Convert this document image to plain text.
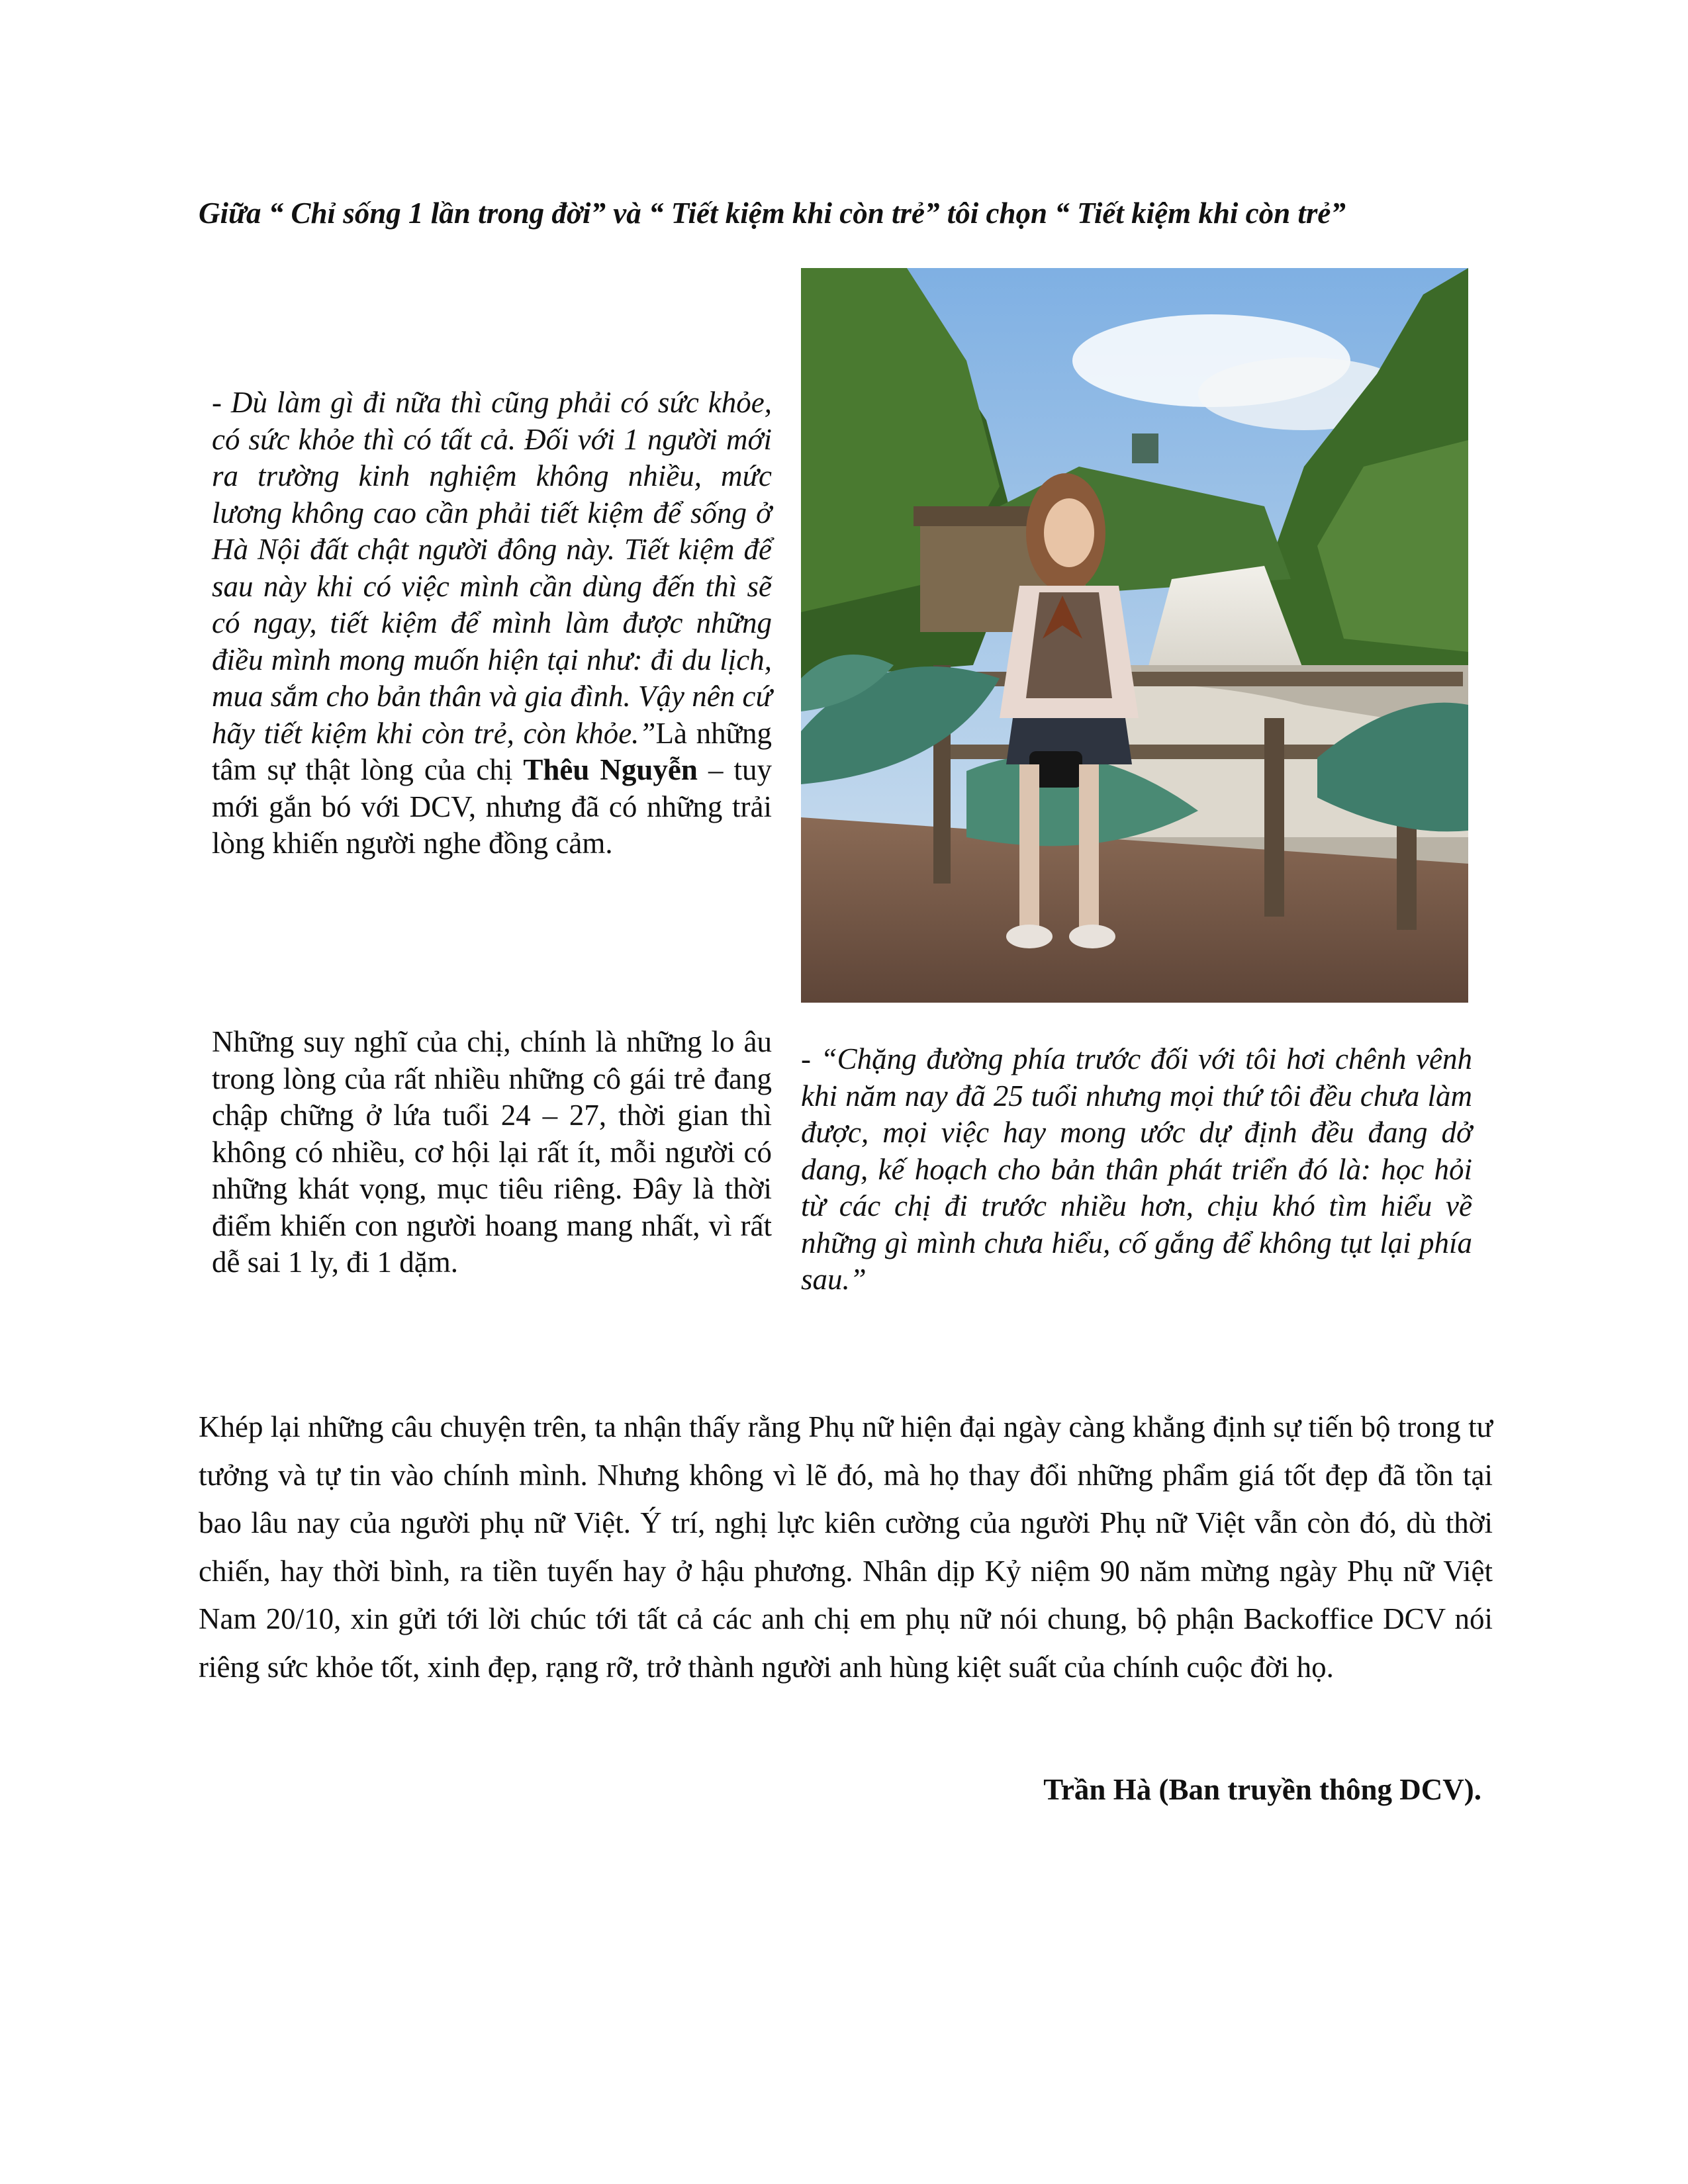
Giữa “ Chỉ sống 1 lần trong đời” và “ Tiết kiệm khi còn trẻ” tôi chọn “ Tiết kiệm khi còn trẻ”

- Dù làm gì đi nữa thì cũng phải có sức khỏe, có sức khỏe thì có tất cả. Đối với 1 người mới ra trường kinh nghiệm không nhiều, mức lương không cao cần phải tiết kiệm để sống ở Hà Nội đất chật người đông này. Tiết kiệm để sau này khi có việc mình cần dùng đến thì sẽ có ngay, tiết kiệm để mình làm được những điều mình mong muốn hiện tại như: đi du lịch, mua sắm cho bản thân và gia đình. Vậy nên cứ hãy tiết kiệm khi còn trẻ, còn khỏe.”Là những tâm sự thật lòng của chị Thêu Nguyễn – tuy mới gắn bó với DCV, nhưng đã có những trải lòng khiến người nghe đồng cảm.

Những suy nghĩ của chị, chính là những lo âu trong lòng của rất nhiều những cô gái trẻ đang chập chững ở lứa tuổi 24 – 27, thời gian thì không có nhiều, cơ hội lại rất ít, mỗi người có những khát vọng, mục tiêu riêng. Đây là thời điểm khiến con người hoang mang nhất, vì rất dễ sai 1 ly, đi 1 dặm.

- “Chặng đường phía trước đối với tôi hơi chênh vênh khi năm nay đã 25 tuổi nhưng mọi thứ tôi đều chưa làm được, mọi việc hay mong ước dự định đều đang dở dang, kế hoạch cho bản thân phát triển đó là: học hỏi từ các chị đi trước nhiều hơn, chịu khó tìm hiểu về những gì mình chưa hiểu, cố gắng để không tụt lại phía sau.”

Khép lại những câu chuyện trên, ta nhận thấy rằng Phụ nữ hiện đại ngày càng khẳng định sự tiến bộ trong tư tưởng và tự tin vào chính mình. Nhưng không vì lẽ đó, mà họ thay đổi những phẩm giá tốt đẹp đã tồn tại bao lâu nay của người phụ nữ Việt. Ý trí, nghị lực kiên cường của người Phụ nữ Việt vẫn còn đó, dù thời chiến, hay thời bình, ra tiền tuyến hay ở hậu phương. Nhân dịp Kỷ niệm 90 năm mừng ngày Phụ nữ Việt Nam 20/10, xin gửi tới lời chúc tới tất cả các anh chị em phụ nữ nói chung, bộ phận Backoffice DCV nói riêng sức khỏe tốt, xinh đẹp, rạng rỡ, trở thành người anh hùng kiệt suất của chính cuộc đời họ.

Trần Hà (Ban truyền thông DCV).
